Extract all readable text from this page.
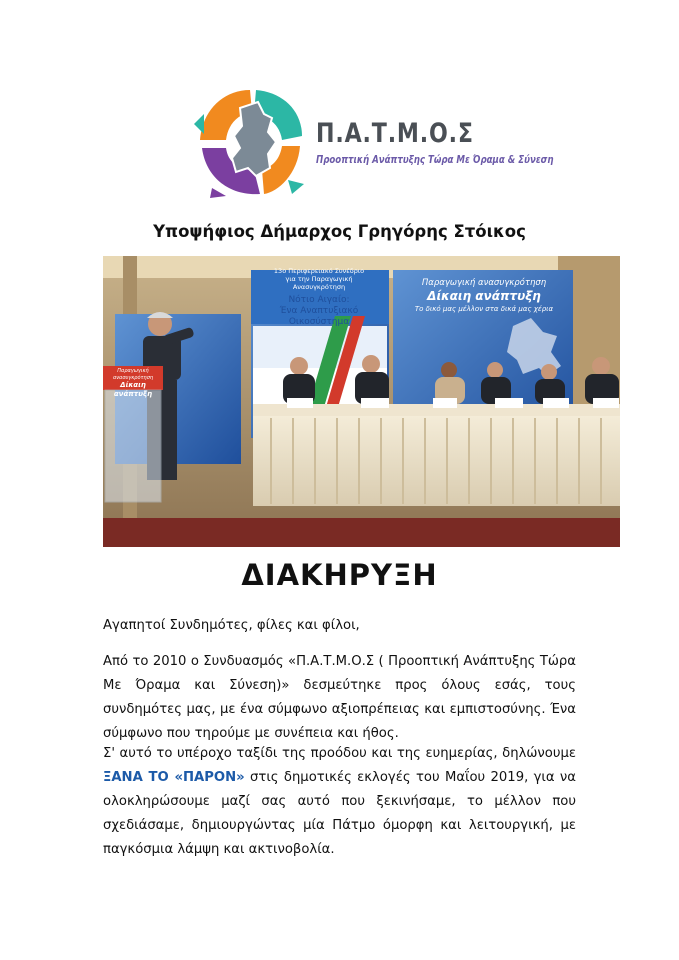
Π.Α.Τ.Μ.Ο.Σ
Προοπτική Ανάπτυξης Τώρα Με Όραμα & Σύνεση
Υποψήφιος Δήμαρχος Γρηγόρης Στόικος
13ο Περιφερειακό Συνέδριο
για την Παραγωγική
Ανασυγκρότηση
Νότιο Αιγαίο:
Ένα Αναπτυξιακό
Οικοσύστημα
Παραγωγική ανασυγκρότηση
Δίκαιη ανάπτυξη
Το δικό μας μέλλον στα δικά μας χέρια
Παραγωγική ανασυγκρότηση
Δίκαιη ανάπτυξη
ΔΙΑΚΗΡΥΞΗ
Αγαπητοί Συνδημότες, φίλες και φίλοι,
Από το 2010 ο Συνδυασμός «Π.Α.Τ.Μ.Ο.Σ ( Προοπτική Ανάπτυξης Τώρα Με Όραμα και Σύνεση)» δεσμεύτηκε προς όλους εσάς, τους συνδημότες μας, με ένα σύμφωνο αξιοπρέπειας και εμπιστοσύνης. Ένα σύμφωνο που τηρούμε με συνέπεια και ήθος.
Σ' αυτό το υπέροχο ταξίδι της προόδου και της ευημερίας, δηλώνουμε ΞΑΝΑ ΤΟ «ΠΑΡΟΝ» στις δημοτικές εκλογές του Μαΐου 2019, για να ολοκληρώσουμε μαζί σας αυτό που ξεκινήσαμε, το μέλλον που σχεδιάσαμε, δημιουργώντας μία Πάτμο όμορφη και λειτουργική, με παγκόσμια λάμψη και ακτινοβολία.
